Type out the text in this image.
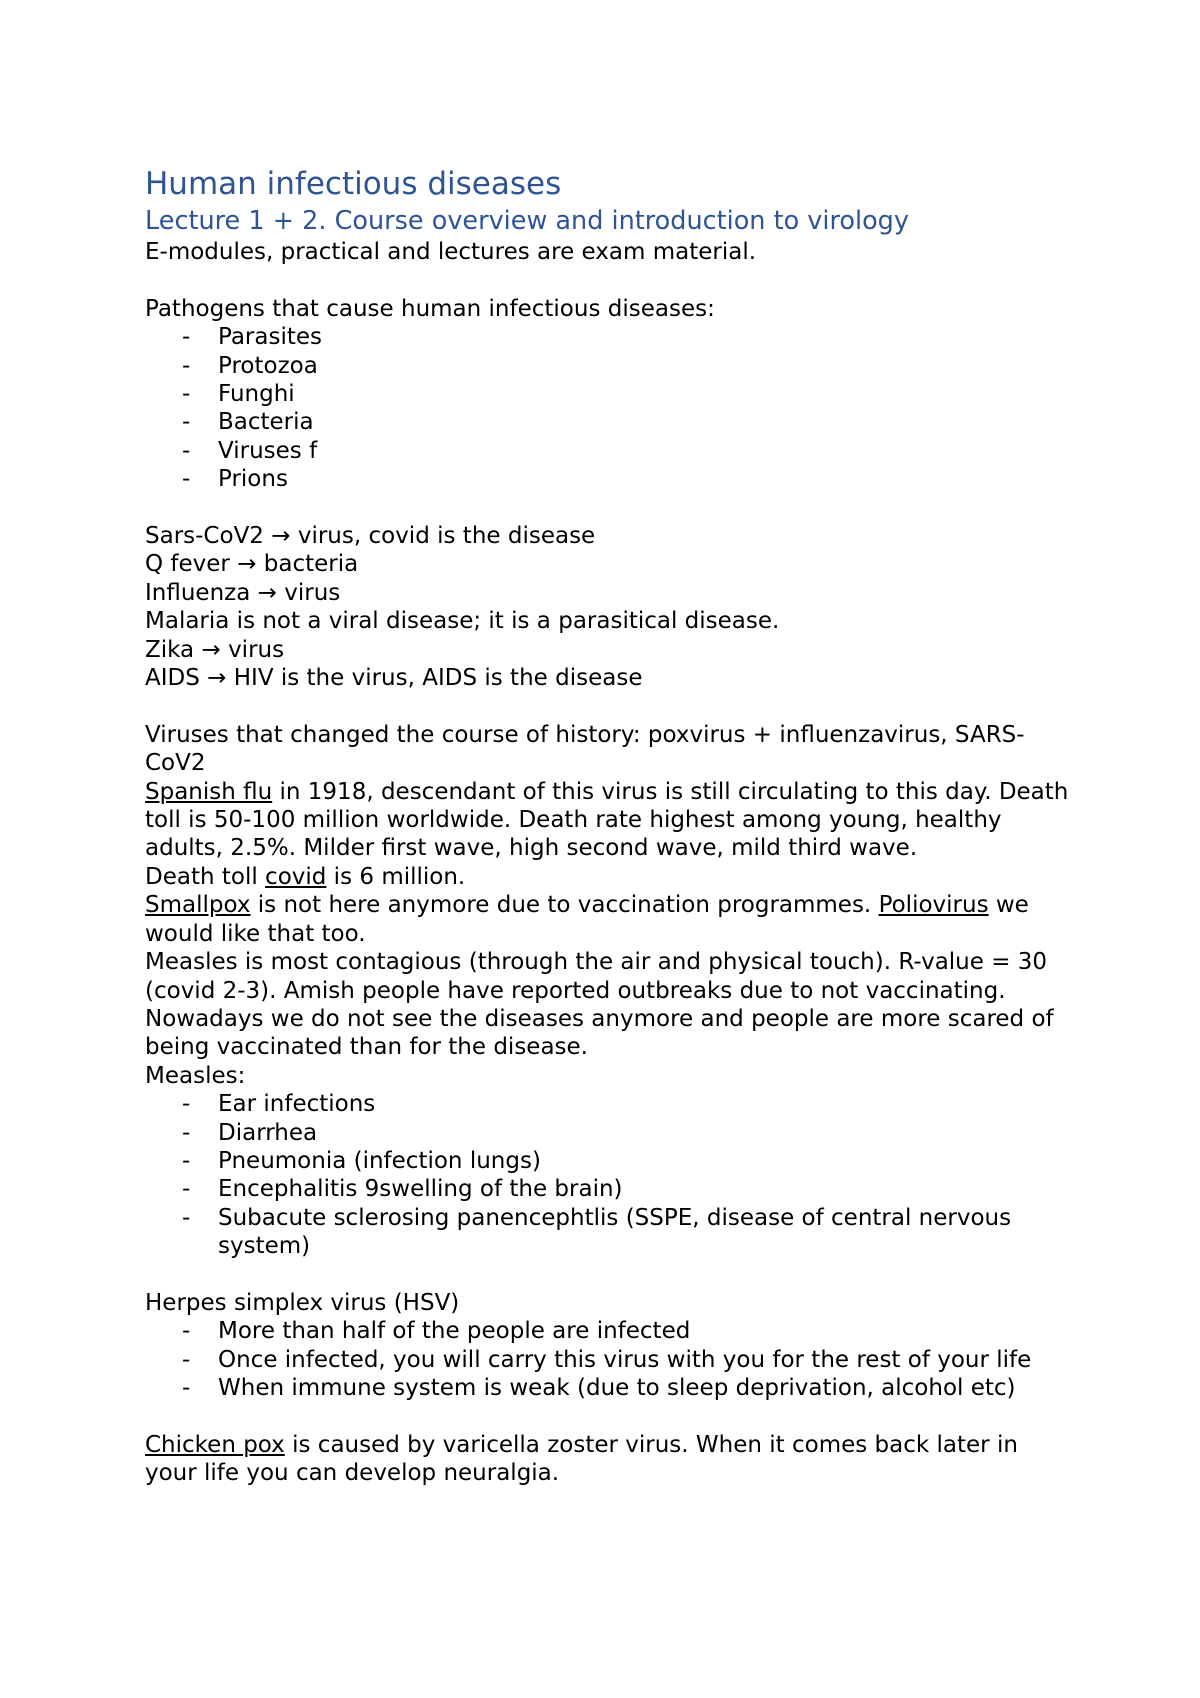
Human infectious diseases
Lecture 1 + 2. Course overview and introduction to virology

E-modules, practical and lectures are exam material.

Pathogens that cause human infectious diseases:

- Parasites
- Protozoa
- Funghi
- Bacteria
- Viruses f
- Prions

Sars-CoV2 → virus, covid is the disease

Q fever → bacteria

Influenza → virus

Malaria is not a viral disease; it is a parasitical disease.

Zika → virus

AIDS → HIV is the virus, AIDS is the disease

Viruses that changed the course of history: poxvirus + influenzavirus, SARS-CoV2

Spanish flu in 1918, descendant of this virus is still circulating to this day. Death toll is 50-100 million worldwide. Death rate highest among young, healthy adults, 2.5%. Milder first wave, high second wave, mild third wave.

Death toll covid is 6 million.

Smallpox is not here anymore due to vaccination programmes. Poliovirus we would like that too.

Measles is most contagious (through the air and physical touch). R-value = 30 (covid 2-3). Amish people have reported outbreaks due to not vaccinating.

Nowadays we do not see the diseases anymore and people are more scared of being vaccinated than for the disease.

Measles:

- Ear infections
- Diarrhea
- Pneumonia (infection lungs)
- Encephalitis 9swelling of the brain)
- Subacute sclerosing panencephtlis (SSPE, disease of central nervous system)

Herpes simplex virus (HSV)

- More than half of the people are infected
- Once infected, you will carry this virus with you for the rest of your life
- When immune system is weak (due to sleep deprivation, alcohol etc)

Chicken pox is caused by varicella zoster virus. When it comes back later in your life you can develop neuralgia.
